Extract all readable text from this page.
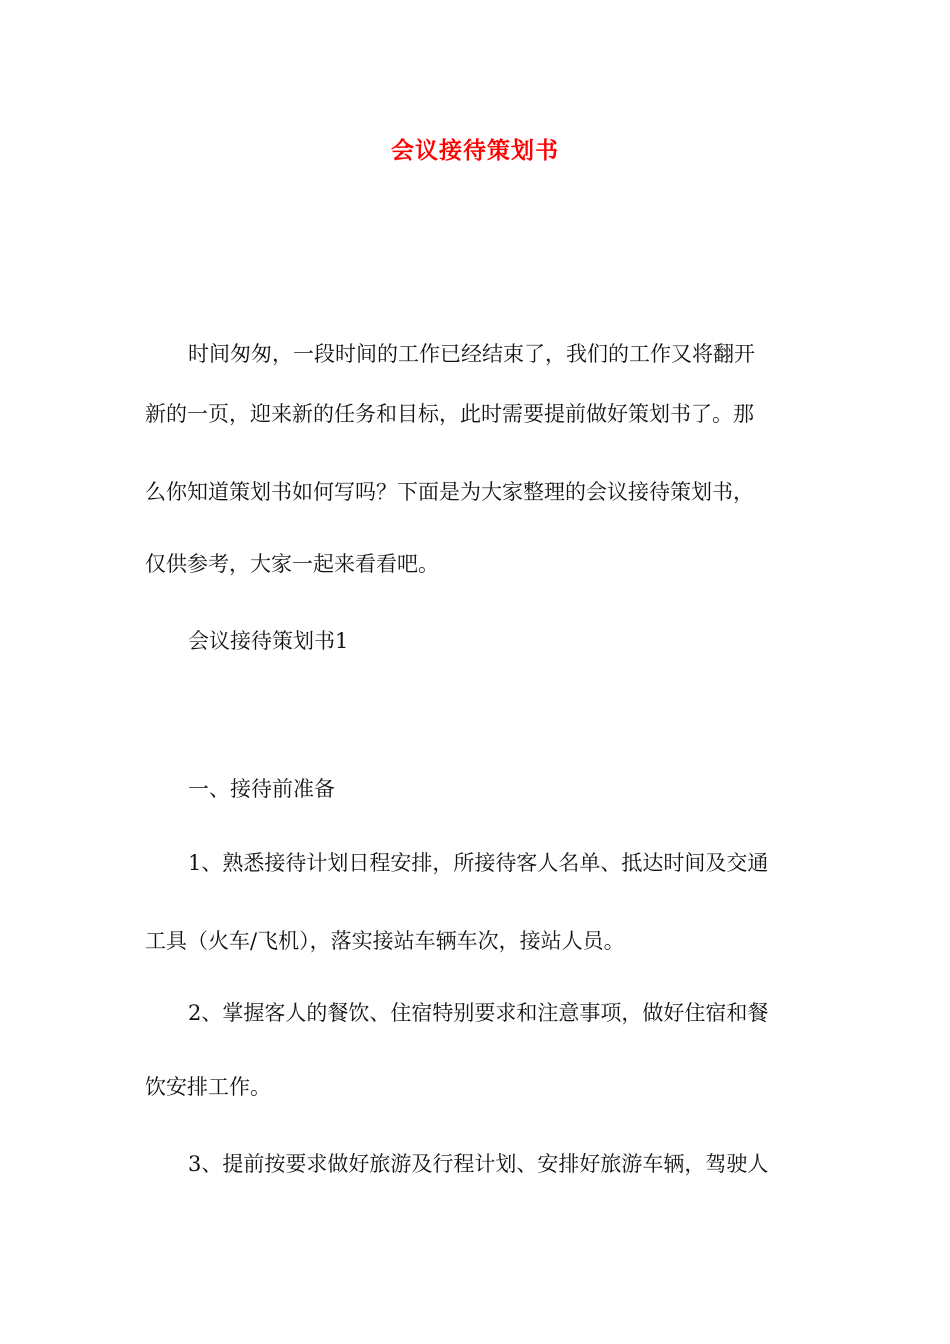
会议接待策划书

时间匆匆，一段时间的工作已经结束了，我们的工作又将翻开

新的一页，迎来新的任务和目标，此时需要提前做好策划书了。那

么你知道策划书如何写吗？下面是为大家整理的会议接待策划书，

仅供参考，大家一起来看看吧。

会议接待策划书1

一、接待前准备

1、熟悉接待计划日程安排，所接待客人名单、抵达时间及交通

工具（火车/飞机），落实接站车辆车次，接站人员。

2、掌握客人的餐饮、住宿特别要求和注意事项，做好住宿和餐

饮安排工作。

3、提前按要求做好旅游及行程计划、安排好旅游车辆，驾驶人
